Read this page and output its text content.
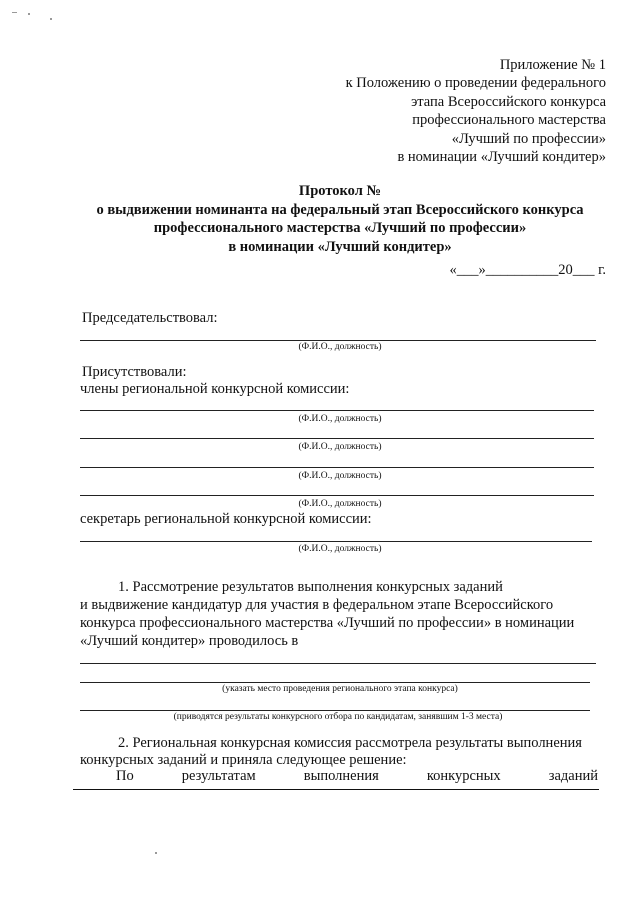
Приложение № 1
к Положению о проведении федерального
этапа Всероссийского конкурса
профессионального мастерства
«Лучший по профессии»
в номинации «Лучший кондитер»
Протокол №
о выдвижении номинанта на федеральный этап Всероссийского конкурса
профессионального мастерства «Лучший по профессии»
в номинации «Лучший кондитер»
«___»__________20___ г.
Председательствовал:
(Ф.И.О., должность)
Присутствовали:
члены региональной конкурсной комиссии:
(Ф.И.О., должность)
(Ф.И.О., должность)
(Ф.И.О., должность)
(Ф.И.О., должность)
секретарь региональной конкурсной комиссии:
(Ф.И.О., должность)
1. Рассмотрение результатов выполнения конкурсных заданий
и выдвижение кандидатур для участия в федеральном этапе Всероссийского
конкурса профессионального мастерства «Лучший по профессии» в номинации
«Лучший кондитер» проводилось в
(указать место проведения регионального этапа конкурса)
(приводятся результаты конкурсного отбора по кандидатам, занявшим 1-3 места)
2. Региональная конкурсная комиссия рассмотрела результаты выполнения
конкурсных заданий и приняла следующее решение:
По	результатам	выполнения	конкурсных	заданий
